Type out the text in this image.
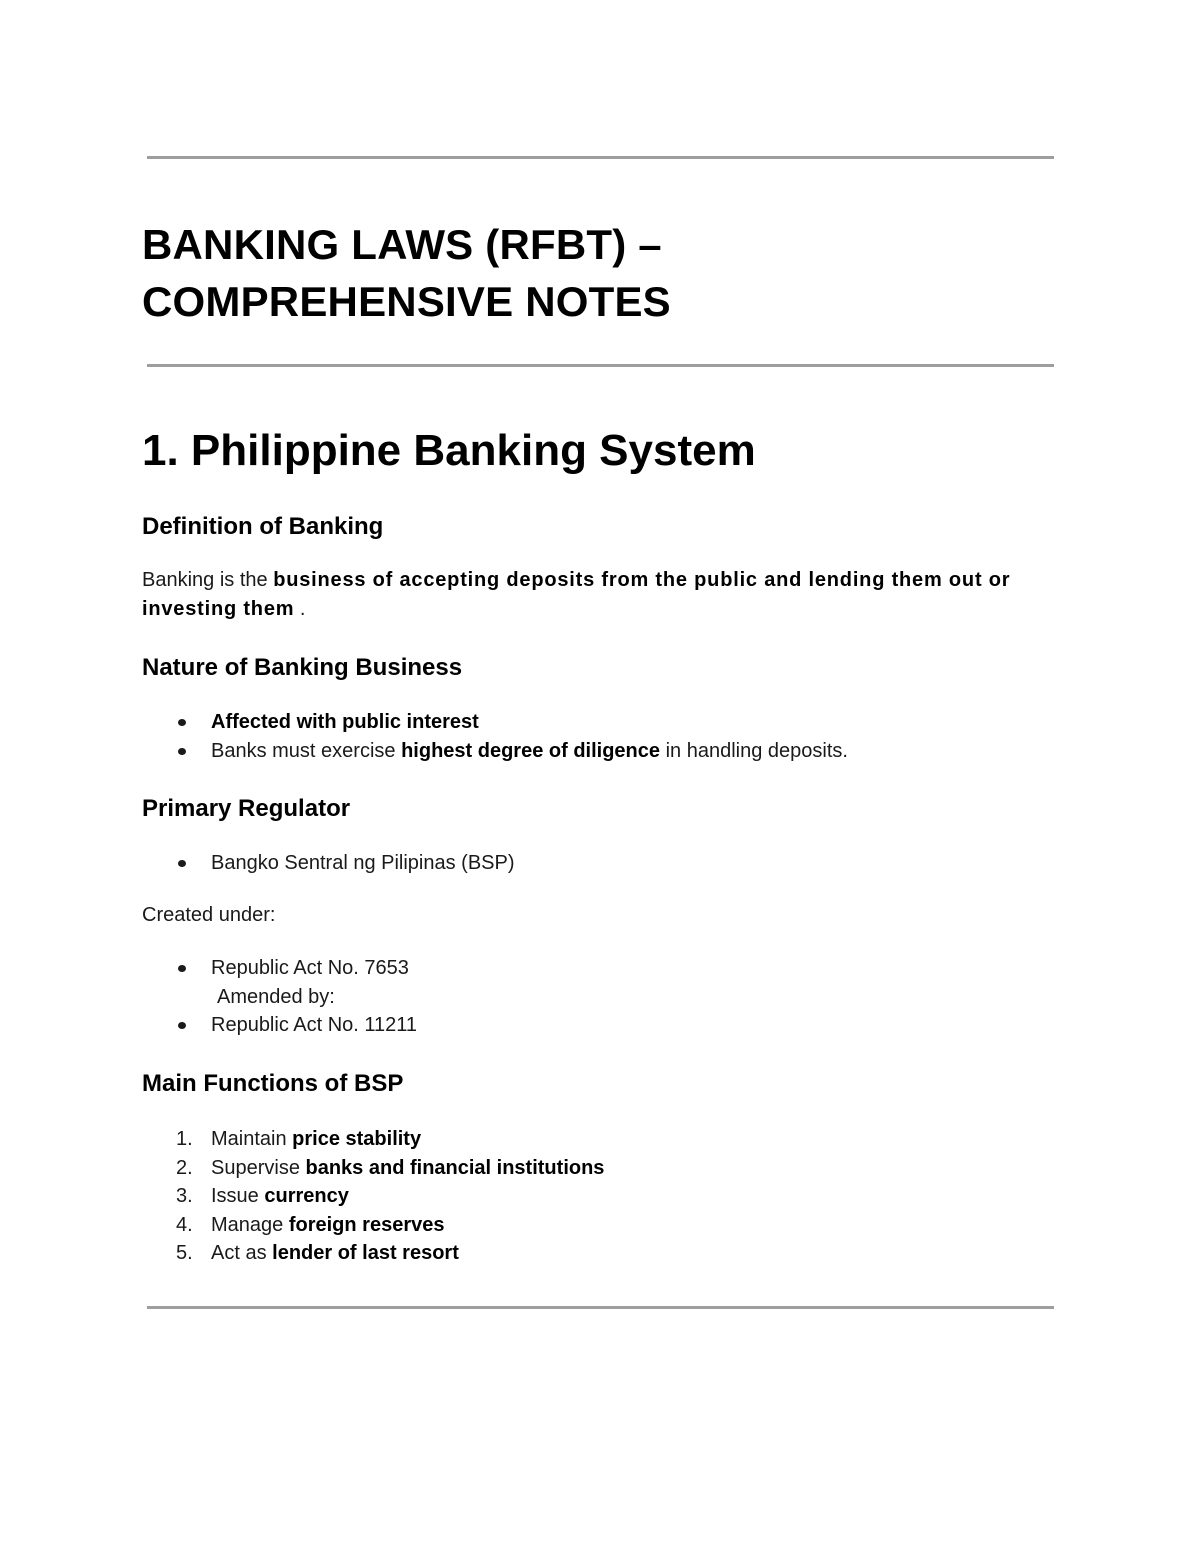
BANKING LAWS (RFBT) –
COMPREHENSIVE NOTES
1. Philippine Banking System
Definition of Banking
Banking is the business of accepting deposits from the public and lending them out or
investing them .
Nature of Banking Business
Affected with public interest
Banks must exercise highest degree of diligence in handling deposits.
Primary Regulator
Bangko Sentral ng Pilipinas (BSP)
Created under:
Republic Act No. 7653
Amended by:
Republic Act No. 11211
Main Functions of BSP
1. Maintain price stability
2. Supervise banks and financial institutions
3. Issue currency
4. Manage foreign reserves
5. Act as lender of last resort
